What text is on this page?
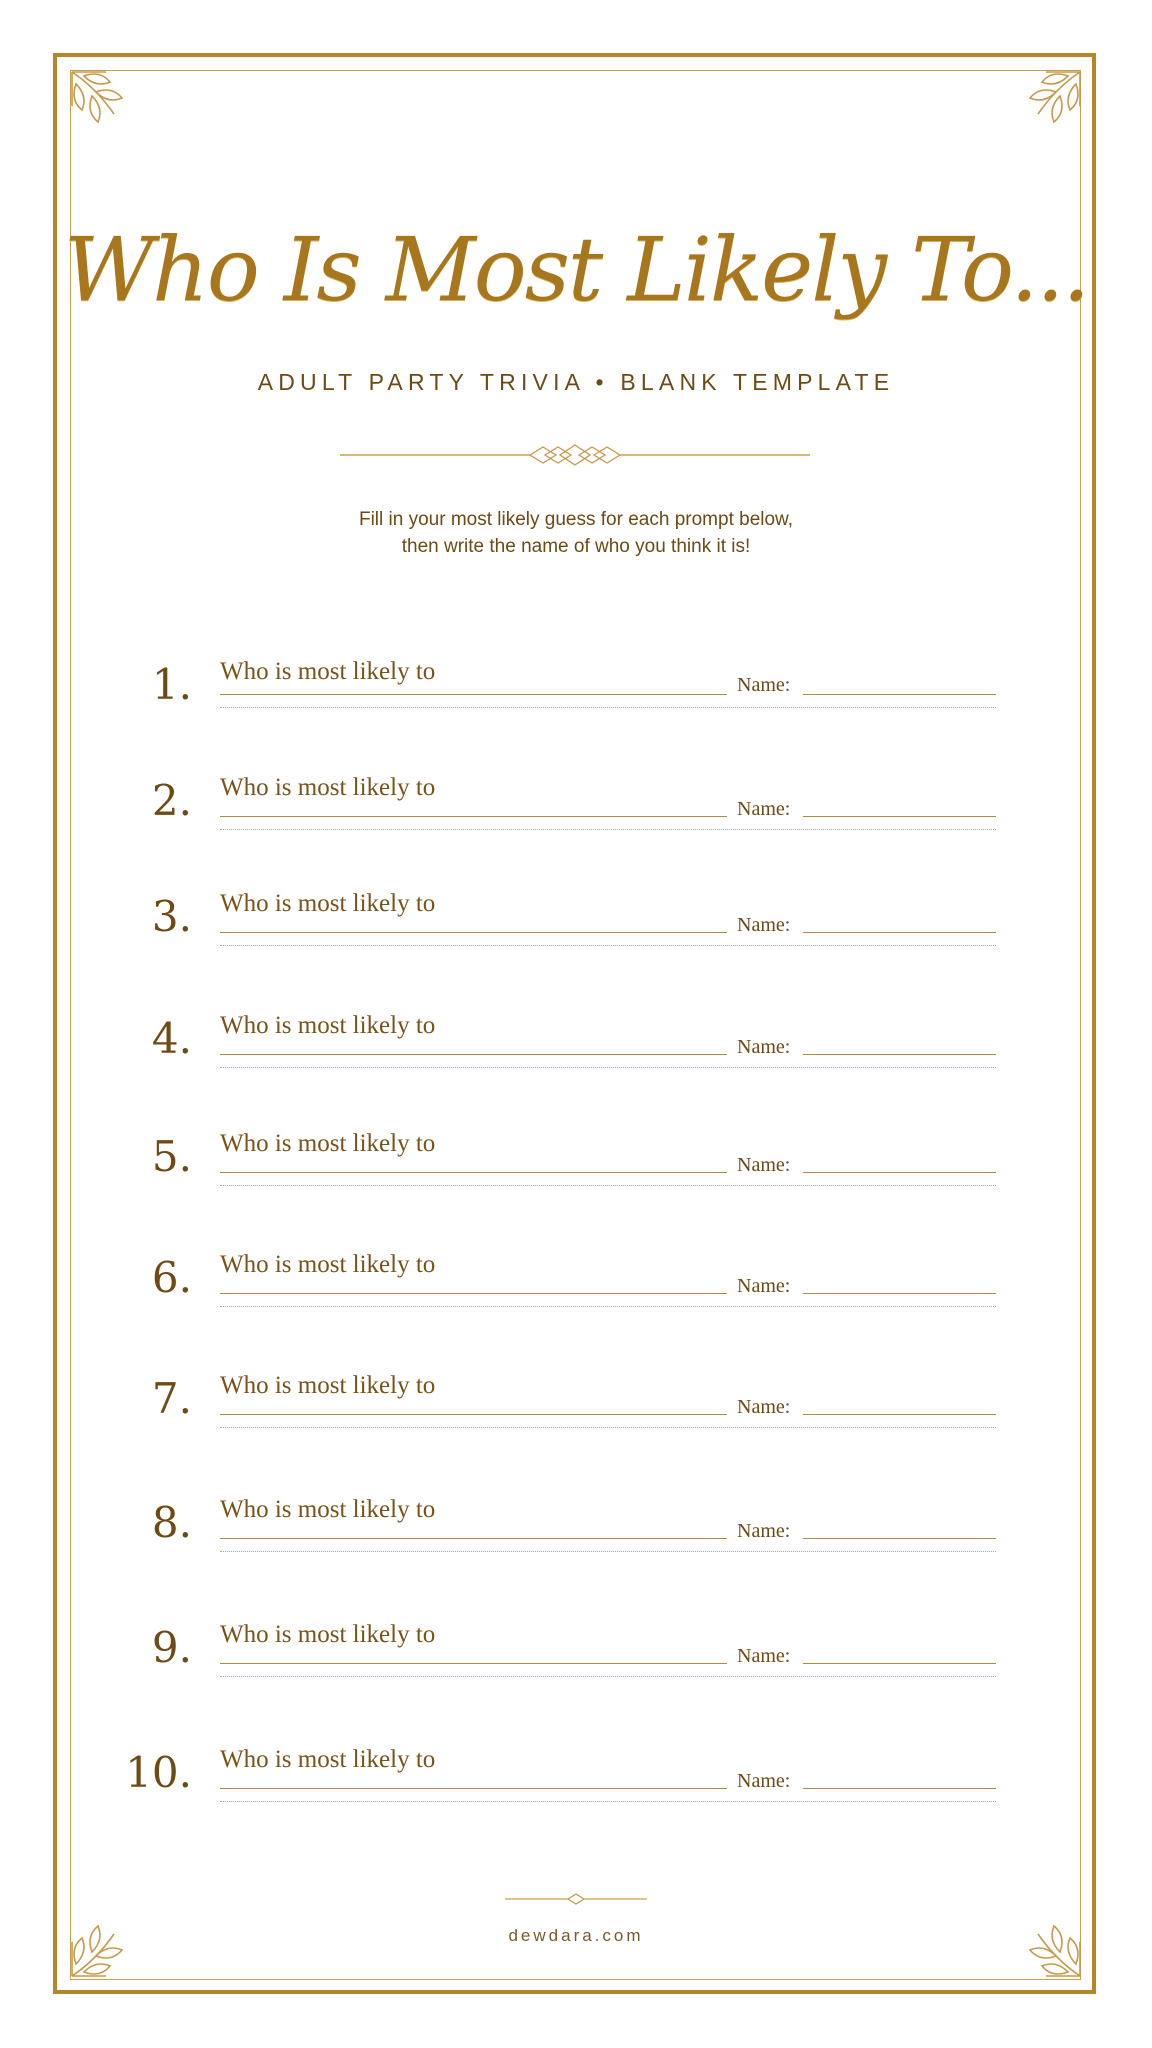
Who Is Most Likely To...
ADULT PARTY TRIVIA • BLANK TEMPLATE
Fill in your most likely guess for each prompt below,
then write the name of who you think it is!
1. Who is most likely to	Name:
2. Who is most likely to
Name:
3. Who is most likely to
Name:
4. Who is most likely to
Name:
5. Who is most likely to
Name:
6. Who is most likely to
Name:
7. Who is most likely to
Name:
8. Who is most likely to
Name:
9. Who is most likely to
Name:
10. Who is most likely to
Name:
dewdara.com
